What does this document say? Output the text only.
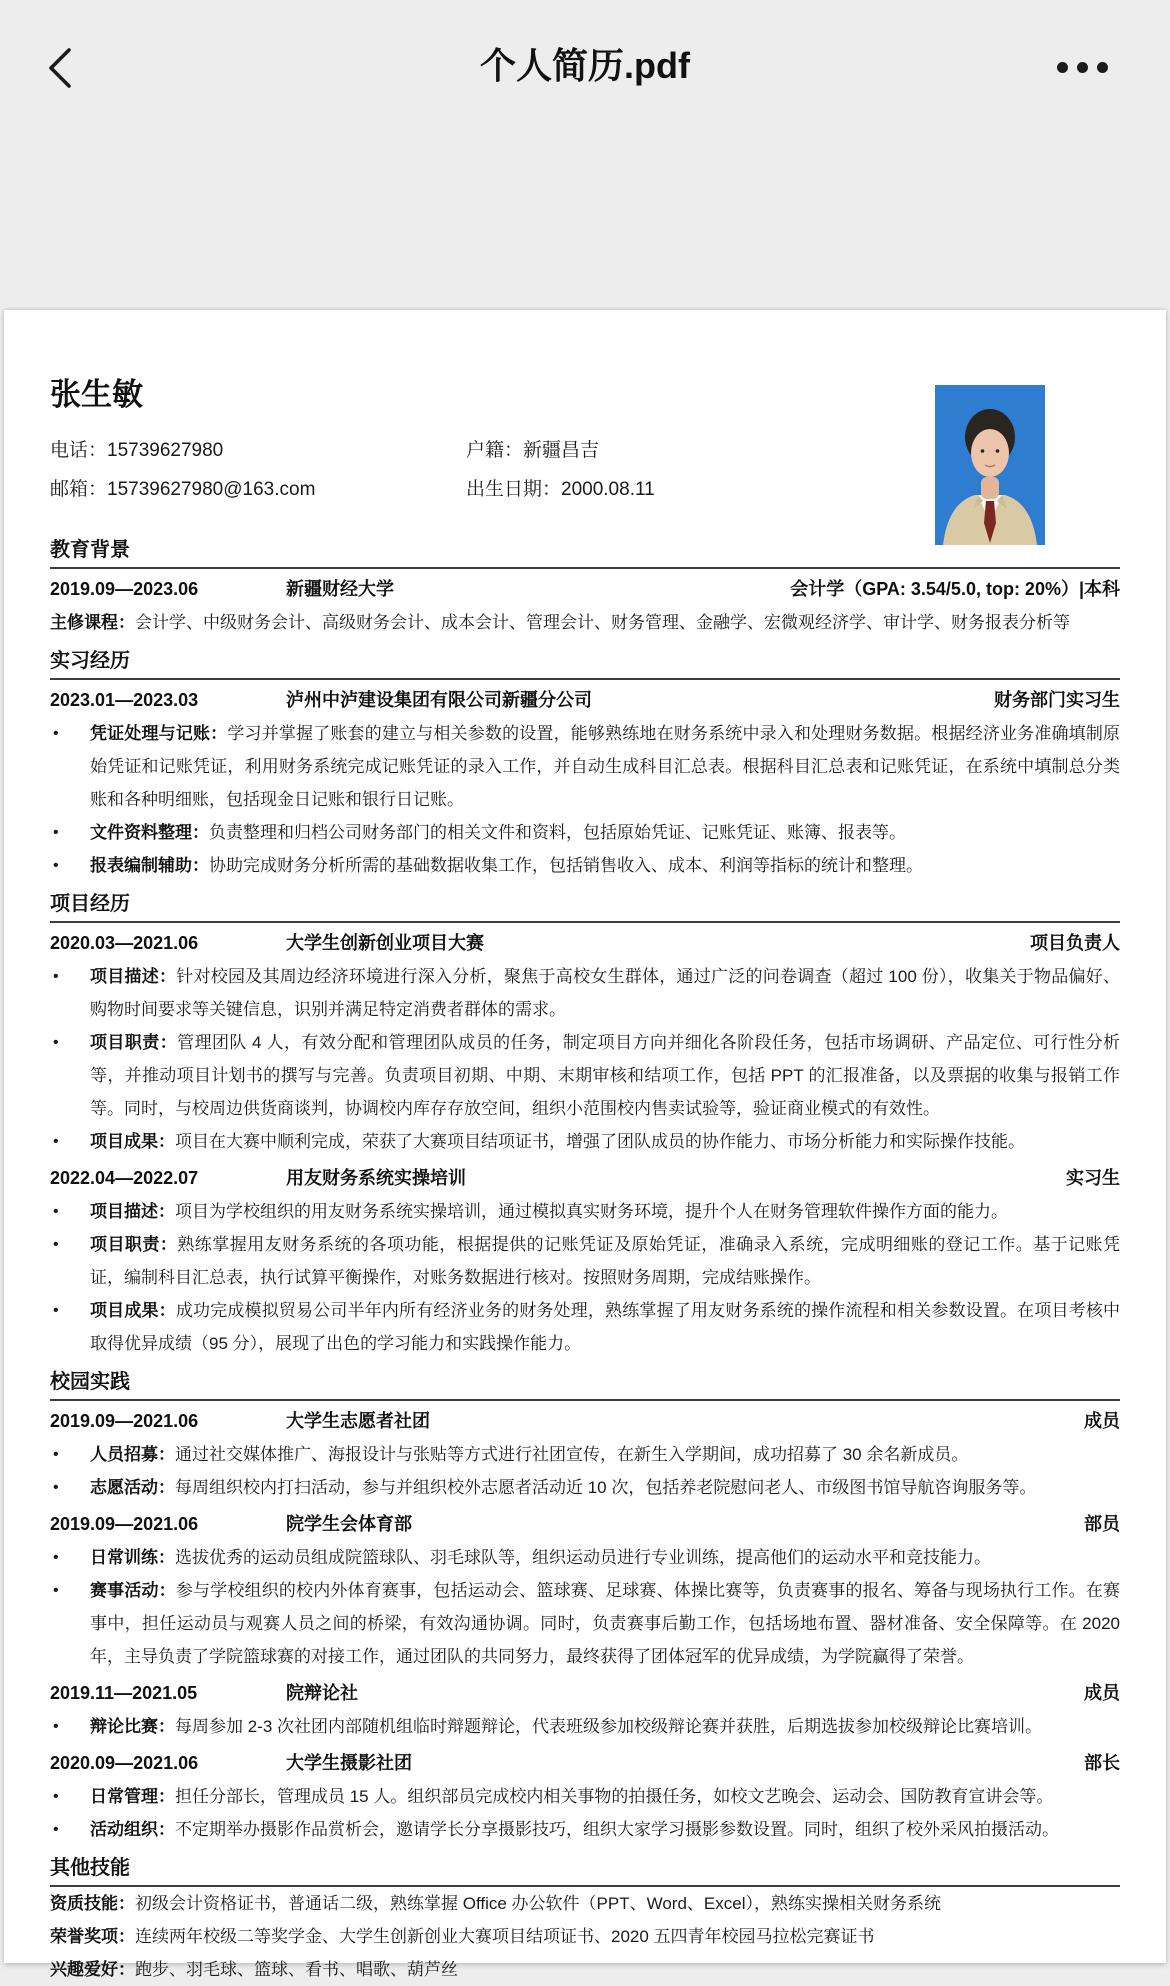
个人简历.pdf
张生敏
电话：15739627980	户籍：新疆昌吉
邮箱：15739627980@163.com	出生日期：2000.08.11
教育背景
2019.09—2023.06	新疆财经大学	会计学（GPA: 3.54/5.0, top: 20%）|本科
主修课程：会计学、中级财务会计、高级财务会计、成本会计、管理会计、财务管理、金融学、宏微观经济学、审计学、财务报表分析等
实习经历
2023.01—2023.03	泸州中泸建设集团有限公司新疆分公司	财务部门实习生
• 凭证处理与记账：学习并掌握了账套的建立与相关参数的设置，能够熟练地在财务系统中录入和处理财务数据。根据经济业务准确填制原始凭证和记账凭证，利用财务系统完成记账凭证的录入工作，并自动生成科目汇总表。根据科目汇总表和记账凭证，在系统中填制总分类账和各种明细账，包括现金日记账和银行日记账。
• 文件资料整理：负责整理和归档公司财务部门的相关文件和资料，包括原始凭证、记账凭证、账簿、报表等。
• 报表编制辅助：协助完成财务分析所需的基础数据收集工作，包括销售收入、成本、利润等指标的统计和整理。
项目经历
2020.03—2021.06	大学生创新创业项目大赛	项目负责人
• 项目描述：针对校园及其周边经济环境进行深入分析，聚焦于高校女生群体，通过广泛的问卷调查（超过 100 份），收集关于物品偏好、购物时间要求等关键信息，识别并满足特定消费者群体的需求。
• 项目职责：管理团队 4 人，有效分配和管理团队成员的任务，制定项目方向并细化各阶段任务，包括市场调研、产品定位、可行性分析等，并推动项目计划书的撰写与完善。负责项目初期、中期、末期审核和结项工作，包括 PPT 的汇报准备，以及票据的收集与报销工作等。同时，与校周边供货商谈判，协调校内库存存放空间，组织小范围校内售卖试验等，验证商业模式的有效性。
• 项目成果：项目在大赛中顺利完成，荣获了大赛项目结项证书，增强了团队成员的协作能力、市场分析能力和实际操作技能。
2022.04—2022.07	用友财务系统实操培训	实习生
• 项目描述：项目为学校组织的用友财务系统实操培训，通过模拟真实财务环境，提升个人在财务管理软件操作方面的能力。
• 项目职责：熟练掌握用友财务系统的各项功能，根据提供的记账凭证及原始凭证，准确录入系统，完成明细账的登记工作。基于记账凭证，编制科目汇总表，执行试算平衡操作，对账务数据进行核对。按照财务周期，完成结账操作。
• 项目成果：成功完成模拟贸易公司半年内所有经济业务的财务处理，熟练掌握了用友财务系统的操作流程和相关参数设置。在项目考核中取得优异成绩（95 分），展现了出色的学习能力和实践操作能力。
校园实践
2019.09—2021.06	大学生志愿者社团	成员
• 人员招募：通过社交媒体推广、海报设计与张贴等方式进行社团宣传，在新生入学期间，成功招募了 30 余名新成员。
• 志愿活动：每周组织校内打扫活动，参与并组织校外志愿者活动近 10 次，包括养老院慰问老人、市级图书馆导航咨询服务等。
2019.09—2021.06	院学生会体育部	部员
• 日常训练：选拔优秀的运动员组成院篮球队、羽毛球队等，组织运动员进行专业训练，提高他们的运动水平和竞技能力。
• 赛事活动：参与学校组织的校内外体育赛事，包括运动会、篮球赛、足球赛、体操比赛等，负责赛事的报名、筹备与现场执行工作。在赛事中，担任运动员与观赛人员之间的桥梁，有效沟通协调。同时，负责赛事后勤工作，包括场地布置、器材准备、安全保障等。在 2020 年，主导负责了学院篮球赛的对接工作，通过团队的共同努力，最终获得了团体冠军的优异成绩，为学院赢得了荣誉。
2019.11—2021.05	院辩论社	成员
• 辩论比赛：每周参加 2-3 次社团内部随机组临时辩题辩论，代表班级参加校级辩论赛并获胜，后期选拔参加校级辩论比赛培训。
2020.09—2021.06	大学生摄影社团	部长
• 日常管理：担任分部长，管理成员 15 人。组织部员完成校内相关事物的拍摄任务，如校文艺晚会、运动会、国防教育宣讲会等。
• 活动组织：不定期举办摄影作品赏析会，邀请学长分享摄影技巧，组织大家学习摄影参数设置。同时，组织了校外采风拍摄活动。
其他技能
资质技能：初级会计资格证书，普通话二级，熟练掌握 Office 办公软件（PPT、Word、Excel），熟练实操相关财务系统
荣誉奖项：连续两年校级二等奖学金、大学生创新创业大赛项目结项证书、2020 五四青年校园马拉松完赛证书
兴趣爱好：跑步、羽毛球、篮球、看书、唱歌、葫芦丝
